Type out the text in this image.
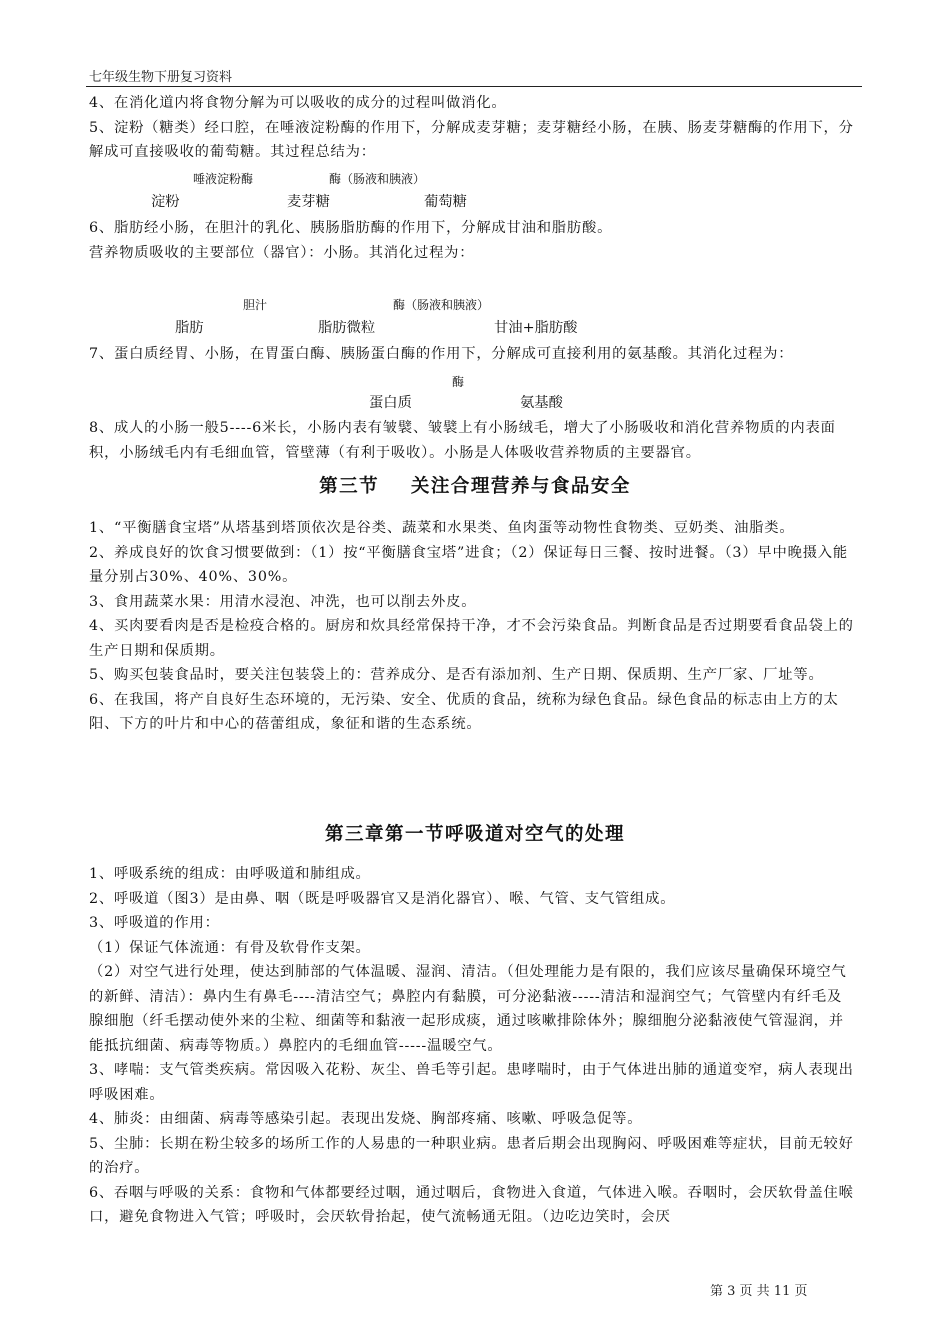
七年级生物下册复习资料

4、在消化道内将食物分解为可以吸收的成分的过程叫做消化。

5、淀粉（糖类）经口腔，在唾液淀粉酶的作用下，分解成麦芽糖；麦芽糖经小肠，在胰、肠麦芽糖酶的作用下，分解成可直接吸收的葡萄糖。其过程总结为：

唾液淀粉酶	酶（肠液和胰液）
淀粉	麦芽糖	葡萄糖

6、脂肪经小肠，在胆汁的乳化、胰肠脂肪酶的作用下，分解成甘油和脂肪酸。

营养物质吸收的主要部位（器官）：小肠。其消化过程为：

胆汁	酶（肠液和胰液）
脂肪	脂肪微粒	甘油+脂肪酸

7、蛋白质经胃、小肠，在胃蛋白酶、胰肠蛋白酶的作用下，分解成可直接利用的氨基酸。其消化过程为：

酶
蛋白质	氨基酸

8、成人的小肠一般5----6米长，小肠内表有皱襞、皱襞上有小肠绒毛，增大了小肠吸收和消化营养物质的内表面积，小肠绒毛内有毛细血管，管壁薄（有利于吸收）。小肠是人体吸收营养物质的主要器官。

第三节    关注合理营养与食品安全

1、“平衡膳食宝塔”从塔基到塔顶依次是谷类、蔬菜和水果类、鱼肉蛋等动物性食物类、豆奶类、油脂类。

2、养成良好的饮食习惯要做到：（1）按“平衡膳食宝塔”进食；（2）保证每日三餐、按时进餐。（3）早中晚摄入能量分别占30%、40%、30%。

3、食用蔬菜水果：用清水浸泡、冲洗，也可以削去外皮。

4、买肉要看肉是否是检疫合格的。厨房和炊具经常保持干净，才不会污染食品。判断食品是否过期要看食品袋上的生产日期和保质期。

5、购买包装食品时，要关注包装袋上的：营养成分、是否有添加剂、生产日期、保质期、生产厂家、厂址等。

6、在我国，将产自良好生态环境的，无污染、安全、优质的食品，统称为绿色食品。绿色食品的标志由上方的太阳、下方的叶片和中心的蓓蕾组成，象征和谐的生态系统。

第三章第一节呼吸道对空气的处理

1、呼吸系统的组成：由呼吸道和肺组成。

2、呼吸道（图3）是由鼻、咽（既是呼吸器官又是消化器官）、喉、气管、支气管组成。

3、呼吸道的作用：

（1）保证气体流通：有骨及软骨作支架。

（2）对空气进行处理，使达到肺部的气体温暖、湿润、清洁。（但处理能力是有限的，我们应该尽量确保环境空气的新鲜、清洁）：鼻内生有鼻毛----清洁空气；鼻腔内有黏膜，可分泌黏液-----清洁和湿润空气；气管壁内有纤毛及腺细胞（纤毛摆动使外来的尘粒、细菌等和黏液一起形成痰，通过咳嗽排除体外；腺细胞分泌黏液使气管湿润，并能抵抗细菌、病毒等物质。）鼻腔内的毛细血管-----温暖空气。

3、哮喘：支气管类疾病。常因吸入花粉、灰尘、兽毛等引起。患哮喘时，由于气体进出肺的通道变窄，病人表现出呼吸困难。

4、肺炎：由细菌、病毒等感染引起。表现出发烧、胸部疼痛、咳嗽、呼吸急促等。

5、尘肺：长期在粉尘较多的场所工作的人易患的一种职业病。患者后期会出现胸闷、呼吸困难等症状，目前无较好的治疗。

6、吞咽与呼吸的关系：食物和气体都要经过咽，通过咽后，食物进入食道，气体进入喉。吞咽时，会厌软骨盖住喉口，避免食物进入气管；呼吸时，会厌软骨抬起，使气流畅通无阻。（边吃边笑时，会厌

第 3 页 共 11 页
